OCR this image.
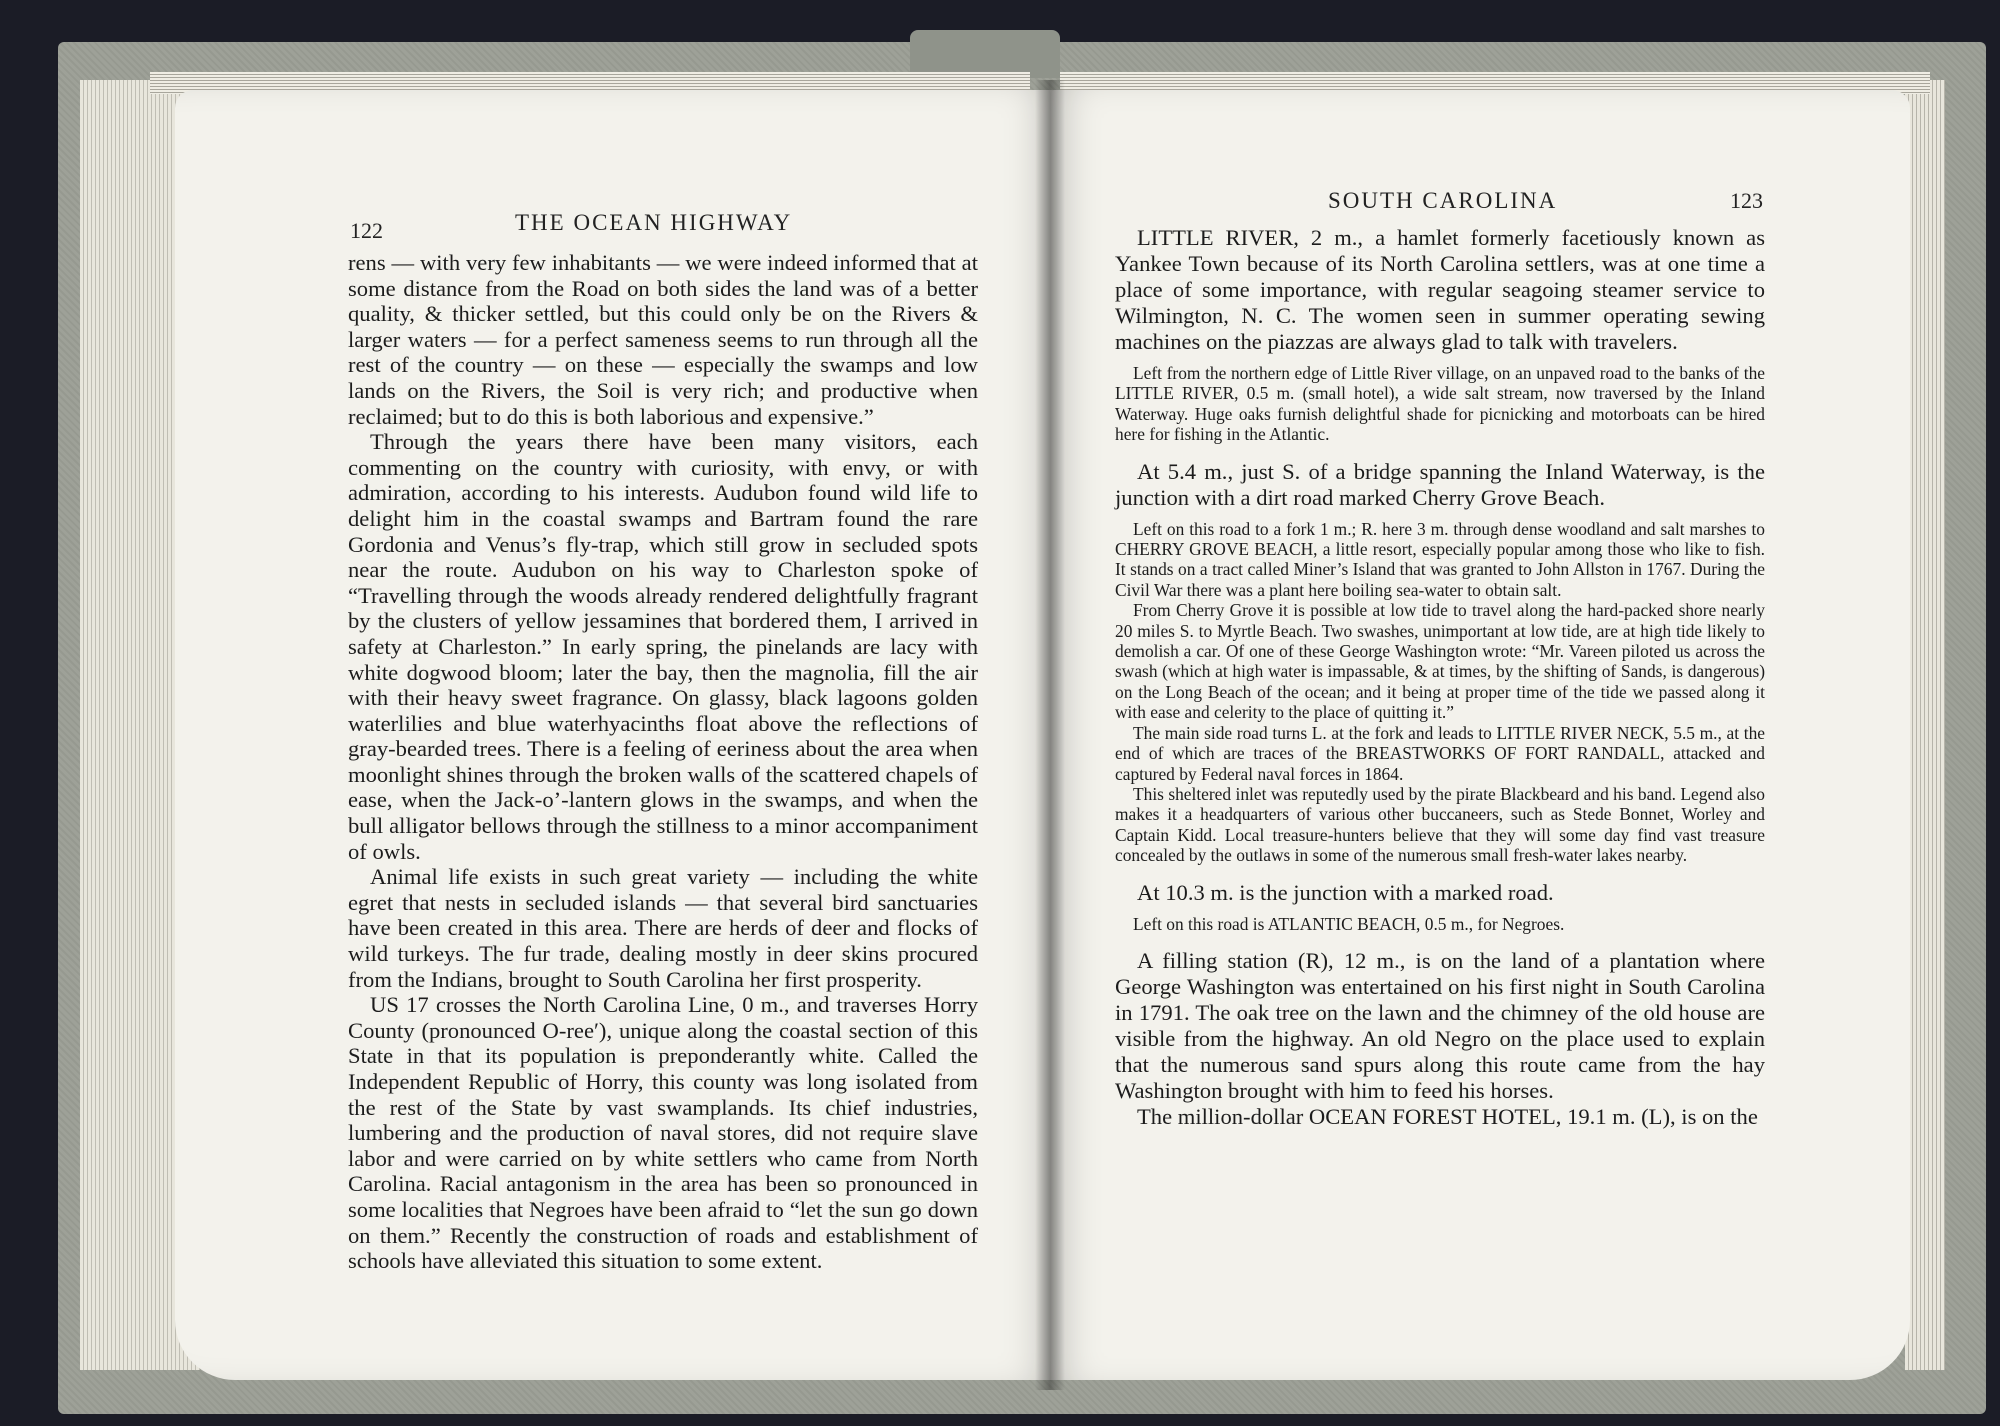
122	THE OCEAN HIGHWAY

rens — with very few inhabitants — we were indeed informed that at some distance from the Road on both sides the land was of a better quality, & thicker settled, but this could only be on the Rivers & larger waters — for a perfect sameness seems to run through all the rest of the country — on these — especially the swamps and low lands on the Rivers, the Soil is very rich; and productive when reclaimed; but to do this is both laborious and expensive.”

Through the years there have been many visitors, each commenting on the country with curiosity, with envy, or with admiration, according to his interests. Audubon found wild life to delight him in the coastal swamps and Bartram found the rare Gordonia and Venus’s fly-trap, which still grow in secluded spots near the route. Audubon on his way to Charleston spoke of “Travelling through the woods already rendered delightfully fragrant by the clusters of yellow jessamines that bordered them, I arrived in safety at Charleston.” In early spring, the pinelands are lacy with white dogwood bloom; later the bay, then the magnolia, fill the air with their heavy sweet fragrance. On glassy, black lagoons golden waterlilies and blue waterhyacinths float above the reflections of gray-bearded trees. There is a feeling of eeriness about the area when moonlight shines through the broken walls of the scattered chapels of ease, when the Jack-o’-lantern glows in the swamps, and when the bull alligator bellows through the stillness to a minor accompaniment of owls.

Animal life exists in such great variety — including the white egret that nests in secluded islands — that several bird sanctuaries have been created in this area. There are herds of deer and flocks of wild turkeys. The fur trade, dealing mostly in deer skins procured from the Indians, brought to South Carolina her first prosperity.

US 17 crosses the North Carolina Line, 0 m., and traverses Horry County (pronounced O-ree′), unique along the coastal section of this State in that its population is preponderantly white. Called the Independent Republic of Horry, this county was long isolated from the rest of the State by vast swamplands. Its chief industries, lumbering and the production of naval stores, did not require slave labor and were carried on by white settlers who came from North Carolina. Racial antagonism in the area has been so pronounced in some localities that Negroes have been afraid to “let the sun go down on them.” Recently the construction of roads and establishment of schools have alleviated this situation to some extent.

SOUTH CAROLINA	123

LITTLE RIVER, 2 m., a hamlet formerly facetiously known as Yankee Town because of its North Carolina settlers, was at one time a place of some importance, with regular seagoing steamer service to Wilmington, N. C. The women seen in summer operating sewing machines on the piazzas are always glad to talk with travelers.

Left from the northern edge of Little River village, on an unpaved road to the banks of the LITTLE RIVER, 0.5 m. (small hotel), a wide salt stream, now traversed by the Inland Waterway. Huge oaks furnish delightful shade for picnicking and motorboats can be hired here for fishing in the Atlantic.

At 5.4 m., just S. of a bridge spanning the Inland Waterway, is the junction with a dirt road marked Cherry Grove Beach.

Left on this road to a fork 1 m.; R. here 3 m. through dense woodland and salt marshes to CHERRY GROVE BEACH, a little resort, especially popular among those who like to fish. It stands on a tract called Miner’s Island that was granted to John Allston in 1767. During the Civil War there was a plant here boiling sea-water to obtain salt.

From Cherry Grove it is possible at low tide to travel along the hard-packed shore nearly 20 miles S. to Myrtle Beach. Two swashes, unimportant at low tide, are at high tide likely to demolish a car. Of one of these George Washington wrote: “Mr. Vareen piloted us across the swash (which at high water is impassable, & at times, by the shifting of Sands, is dangerous) on the Long Beach of the ocean; and it being at proper time of the tide we passed along it with ease and celerity to the place of quitting it.”

The main side road turns L. at the fork and leads to LITTLE RIVER NECK, 5.5 m., at the end of which are traces of the BREASTWORKS OF FORT RANDALL, attacked and captured by Federal naval forces in 1864.

This sheltered inlet was reputedly used by the pirate Blackbeard and his band. Legend also makes it a headquarters of various other buccaneers, such as Stede Bonnet, Worley and Captain Kidd. Local treasure-hunters believe that they will some day find vast treasure concealed by the outlaws in some of the numerous small fresh-water lakes nearby.

At 10.3 m. is the junction with a marked road.

Left on this road is ATLANTIC BEACH, 0.5 m., for Negroes.

A filling station (R), 12 m., is on the land of a plantation where George Washington was entertained on his first night in South Carolina in 1791. The oak tree on the lawn and the chimney of the old house are visible from the highway. An old Negro on the place used to explain that the numerous sand spurs along this route came from the hay Washington brought with him to feed his horses.

The million-dollar OCEAN FOREST HOTEL, 19.1 m. (L), is on the
